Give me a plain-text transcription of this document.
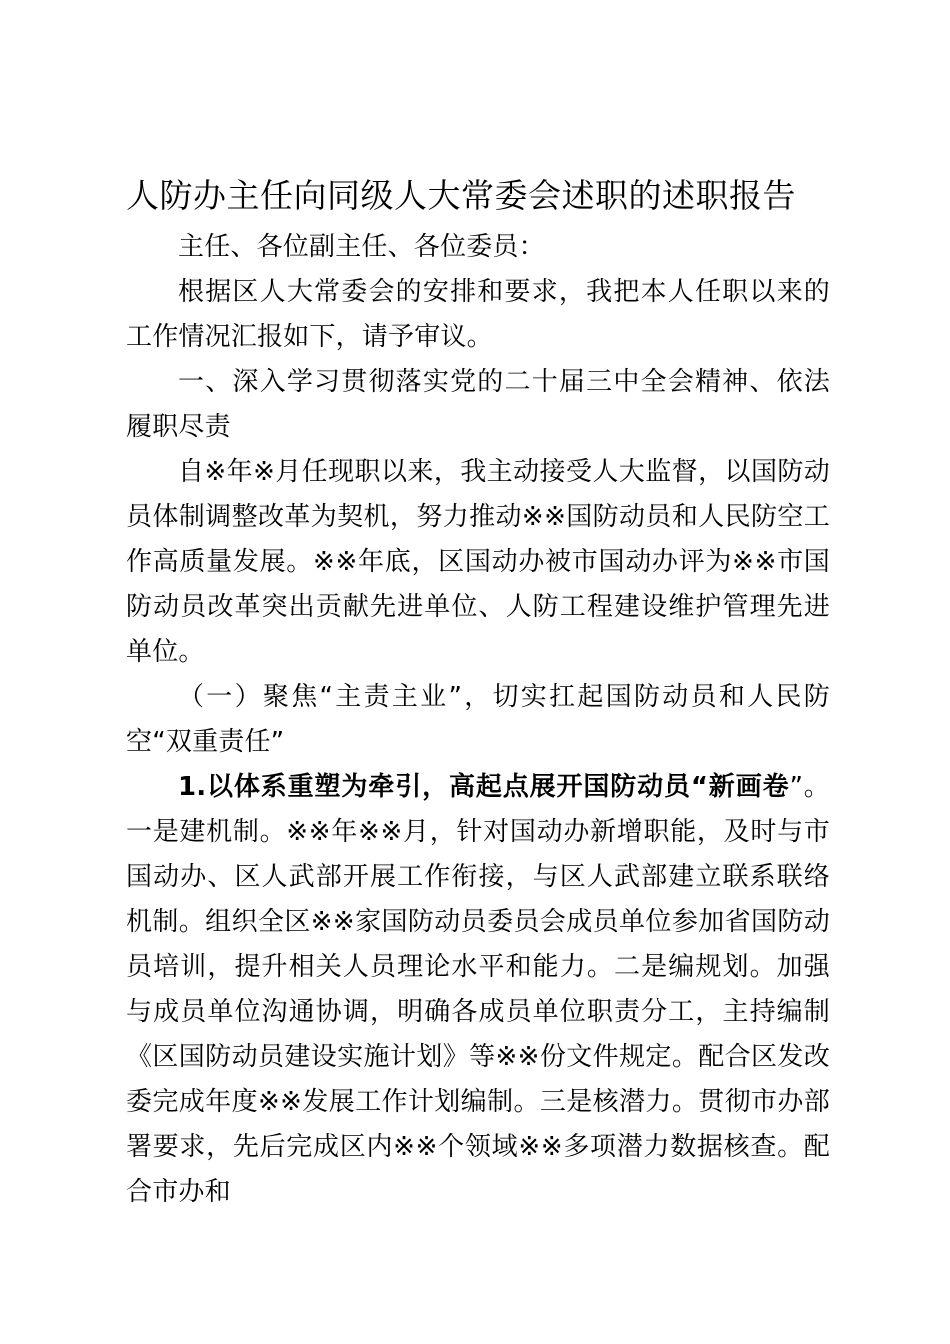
人防办主任向同级人大常委会述职的述职报告

主任、各位副主任、各位委员：

根据区人大常委会的安排和要求，我把本人任职以来的工作情况汇报如下，请予审议。

一、深入学习贯彻落实党的二十届三中全会精神、依法履职尽责

自※年※月任现职以来，我主动接受人大监督，以国防动员体制调整改革为契机，努力推动※※国防动员和人民防空工作高质量发展。※※年底，区国动办被市国动办评为※※市国防动员改革突出贡献先进单位、人防工程建设维护管理先进单位。

（一）聚焦“主责主业”，切实扛起国防动员和人民防空“双重责任”

1.以体系重塑为牵引，高起点展开国防动员“新画卷”。一是建机制。※※年※※月，针对国动办新增职能，及时与市国动办、区人武部开展工作衔接，与区人武部建立联系联络机制。组织全区※※家国防动员委员会成员单位参加省国防动员培训，提升相关人员理论水平和能力。二是编规划。加强与成员单位沟通协调，明确各成员单位职责分工，主持编制《区国防动员建设实施计划》等※※份文件规定。配合区发改委完成年度※※发展工作计划编制。三是核潜力。贯彻市办部署要求，先后完成区内※※个领域※※多项潜力数据核查。配合市办和
